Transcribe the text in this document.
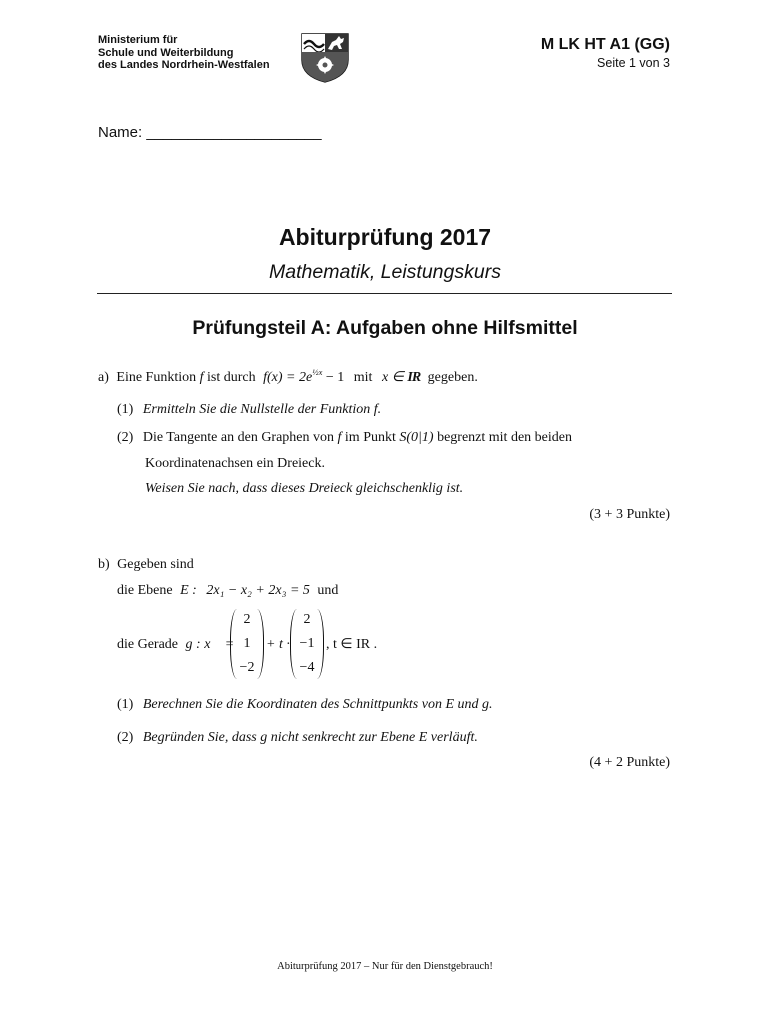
Ministerium für
Schule und Weiterbildung
des Landes Nordrhein-Westfalen
M LK HT A1 (GG)
Seite 1 von 3
Name: _____________________
Abiturprüfung 2017
Mathematik, Leistungskurs
Prüfungsteil A: Aufgaben ohne Hilfsmittel
a) Eine Funktion f ist durch $f(x) = 2e^{\frac{1}{2}x} - 1$ mit x ∈ IR gegeben.
(1) Ermitteln Sie die Nullstelle der Funktion f.
(2) Die Tangente an den Graphen von f im Punkt S(0|1) begrenzt mit den beiden
Koordinatenachsen ein Dreieck.
Weisen Sie nach, dass dieses Dreieck gleichschenklig ist.
(3 + 3 Punkte)
b) Gegeben sind
die Ebene E : 2x₁ − x₂ + 2x₃ = 5 und
die Gerade g : x⃗ =
2
1
−2
+ t ·
2
−1
−4
, t ∈ IR .
(1) Berechnen Sie die Koordinaten des Schnittpunkts von E und g.
(2) Begründen Sie, dass g nicht senkrecht zur Ebene E verläuft.
(4 + 2 Punkte)
Abiturprüfung 2017 – Nur für den Dienstgebrauch!
